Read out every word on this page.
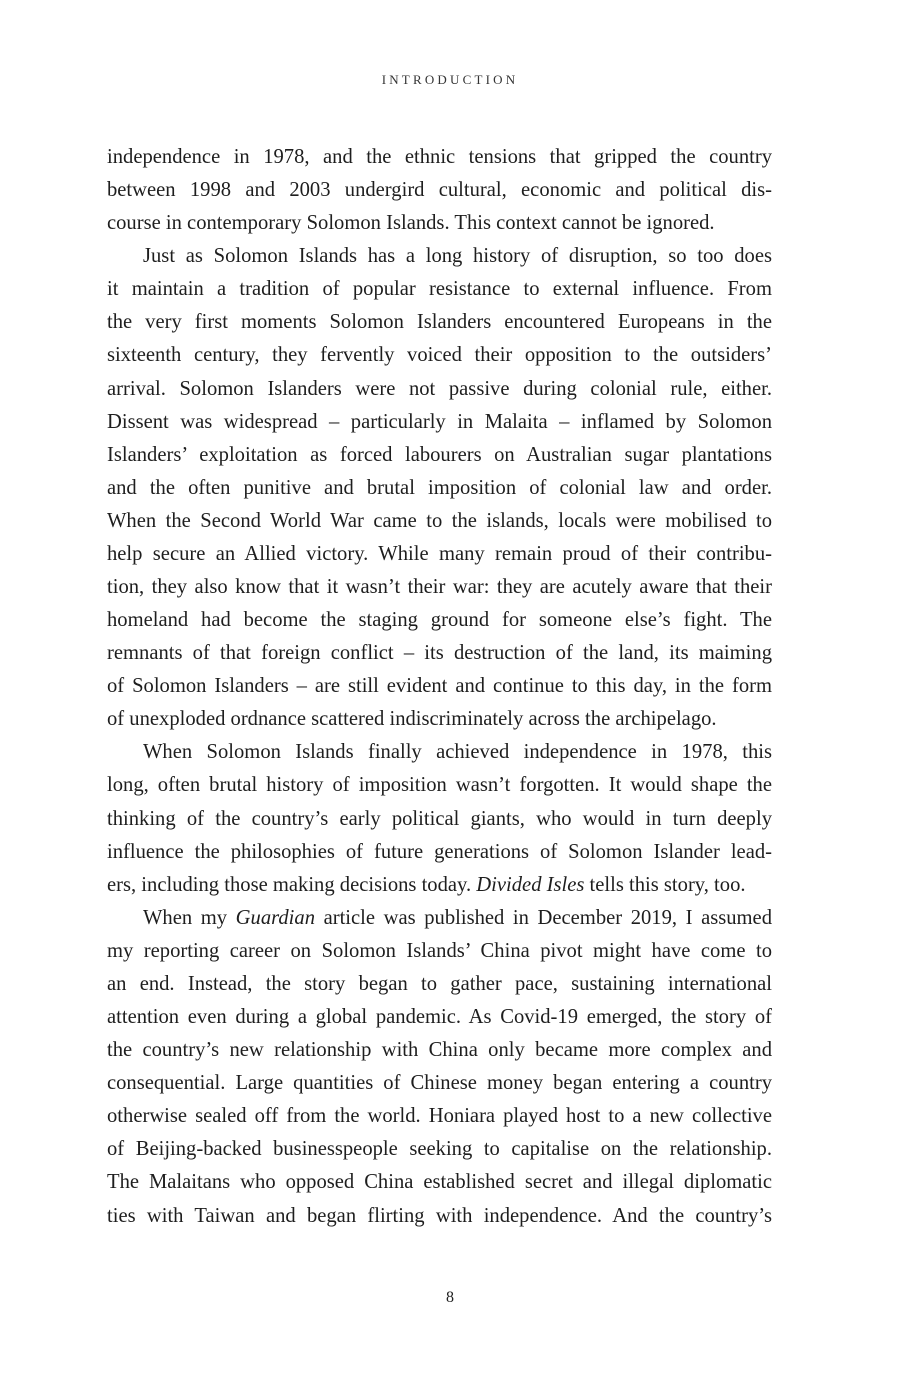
INTRODUCTION
independence in 1978, and the ethnic tensions that gripped the country
between 1998 and 2003 undergird cultural, economic and political dis-
course in contemporary Solomon Islands. This context cannot be ignored.
Just as Solomon Islands has a long history of disruption, so too does
it maintain a tradition of popular resistance to external influence. From
the very first moments Solomon Islanders encountered Europeans in the
sixteenth century, they fervently voiced their opposition to the outsiders’
arrival. Solomon Islanders were not passive during colonial rule, either.
Dissent was widespread – particularly in Malaita – inflamed by Solomon
Islanders’ exploitation as forced labourers on Australian sugar plantations
and the often punitive and brutal imposition of colonial law and order.
When the Second World War came to the islands, locals were mobilised to
help secure an Allied victory. While many remain proud of their contribu-
tion, they also know that it wasn’t their war: they are acutely aware that their
homeland had become the staging ground for someone else’s fight. The
remnants of that foreign conflict – its destruction of the land, its maiming
of Solomon Islanders – are still evident and continue to this day, in the form
of unexploded ordnance scattered indiscriminately across the archipelago.
When Solomon Islands finally achieved independence in 1978, this
long, often brutal history of imposition wasn’t forgotten. It would shape the
thinking of the country’s early political giants, who would in turn deeply
influence the philosophies of future generations of Solomon Islander lead-
ers, including those making decisions today. Divided Isles tells this story, too.
When my Guardian article was published in December 2019, I assumed
my reporting career on Solomon Islands’ China pivot might have come to
an end. Instead, the story began to gather pace, sustaining international
attention even during a global pandemic. As Covid-19 emerged, the story of
the country’s new relationship with China only became more complex and
consequential. Large quantities of Chinese money began entering a country
otherwise sealed off from the world. Honiara played host to a new collective
of Beijing-backed businesspeople seeking to capitalise on the relationship.
The Malaitans who opposed China established secret and illegal diplomatic
ties with Taiwan and began flirting with independence. And the country’s
8
